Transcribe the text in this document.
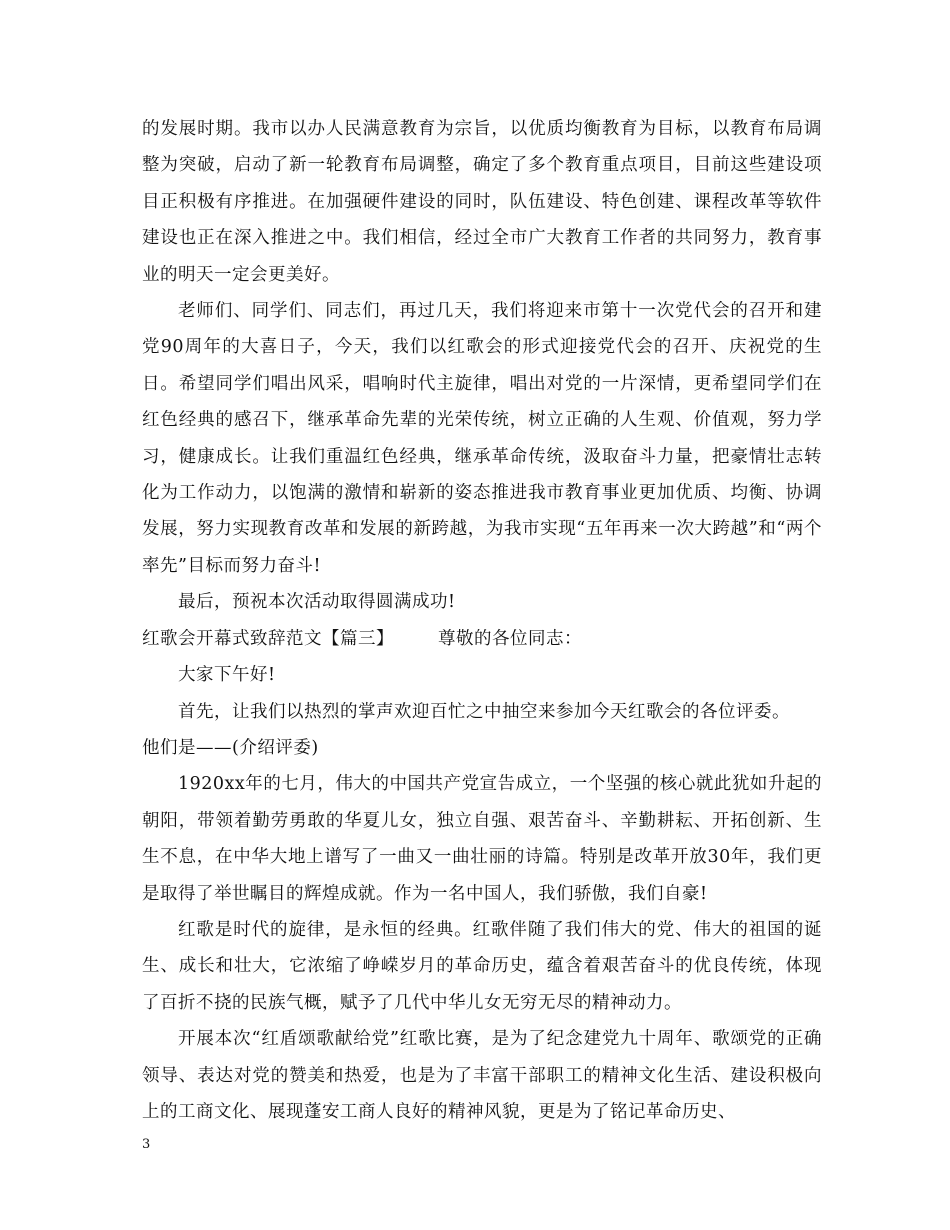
的发展时期。我市以办人民满意教育为宗旨，以优质均衡教育为目标，以教育布局调整为突破，启动了新一轮教育布局调整，确定了多个教育重点项目，目前这些建设项目正积极有序推进。在加强硬件建设的同时，队伍建设、特色创建、课程改革等软件建设也正在深入推进之中。我们相信，经过全市广大教育工作者的共同努力，教育事业的明天一定会更美好。

老师们、同学们、同志们，再过几天，我们将迎来市第十一次党代会的召开和建党90周年的大喜日子，今天，我们以红歌会的形式迎接党代会的召开、庆祝党的生日。希望同学们唱出风采，唱响时代主旋律，唱出对党的一片深情，更希望同学们在红色经典的感召下，继承革命先辈的光荣传统，树立正确的人生观、价值观，努力学习，健康成长。让我们重温红色经典，继承革命传统，汲取奋斗力量，把豪情壮志转化为工作动力，以饱满的激情和崭新的姿态推进我市教育事业更加优质、均衡、协调发展，努力实现教育改革和发展的新跨越，为我市实现“五年再来一次大跨越”和“两个率先”目标而努力奋斗!

最后，预祝本次活动取得圆满成功!

红歌会开幕式致辞范文【篇三】	尊敬的各位同志：

大家下午好!

首先，让我们以热烈的掌声欢迎百忙之中抽空来参加今天红歌会的各位评委。

他们是——(介绍评委)

1920xx年的七月，伟大的中国共产党宣告成立，一个坚强的核心就此犹如升起的朝阳，带领着勤劳勇敢的华夏儿女，独立自强、艰苦奋斗、辛勤耕耘、开拓创新、生生不息，在中华大地上谱写了一曲又一曲壮丽的诗篇。特别是改革开放30年，我们更是取得了举世瞩目的辉煌成就。作为一名中国人，我们骄傲，我们自豪!

红歌是时代的旋律，是永恒的经典。红歌伴随了我们伟大的党、伟大的祖国的诞生、成长和壮大，它浓缩了峥嵘岁月的革命历史，蕴含着艰苦奋斗的优良传统，体现了百折不挠的民族气概，赋予了几代中华儿女无穷无尽的精神动力。

开展本次“红盾颂歌献给党”红歌比赛，是为了纪念建党九十周年、歌颂党的正确领导、表达对党的赞美和热爱，也是为了丰富干部职工的精神文化生活、建设积极向上的工商文化、展现蓬安工商人良好的精神风貌，更是为了铭记革命历史、

3
